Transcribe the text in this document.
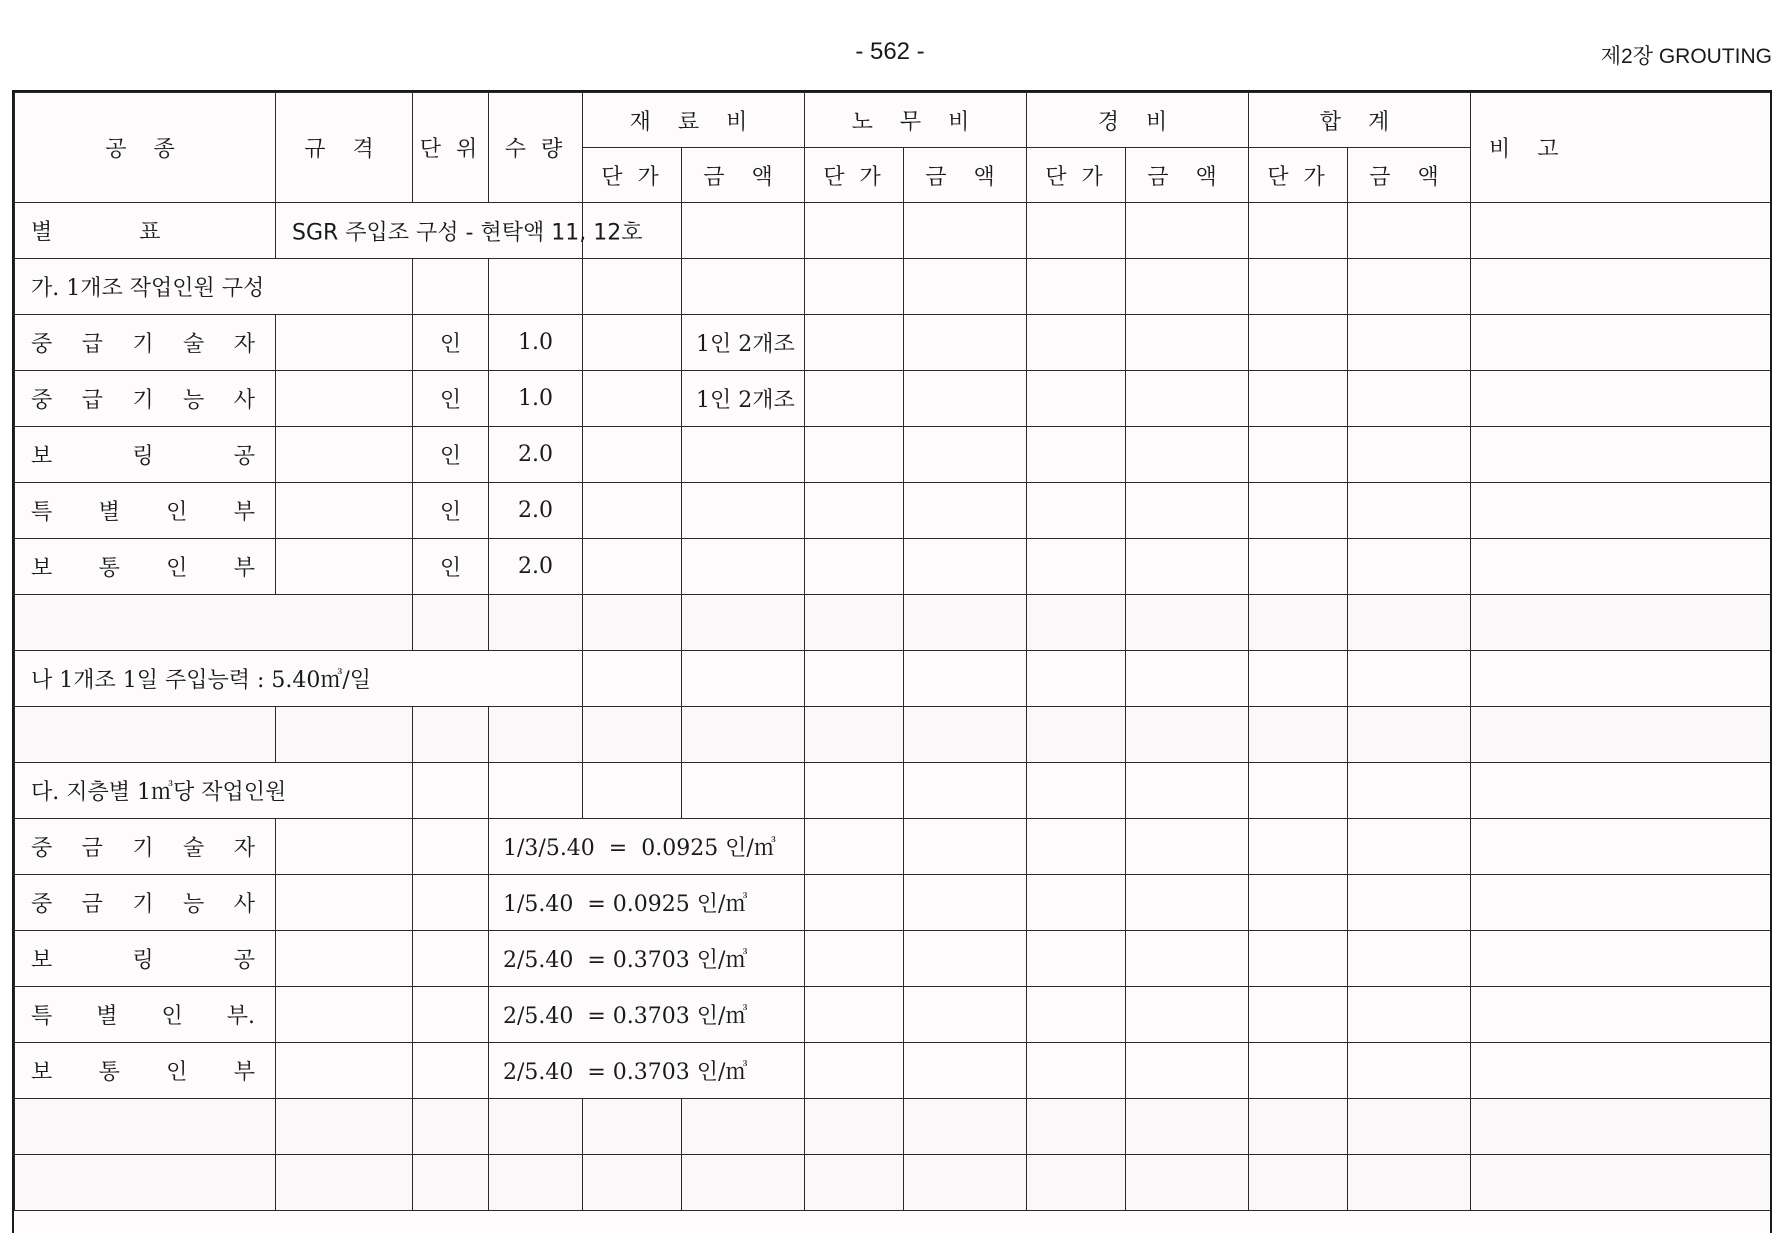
- 562 -	제2장 GROUTING
공 종	규 격	단 위	수 량	재 료 비		노 무 비		경 비		합 계		비 고
				단 가	금 액	단 가	금 액	단 가	금 액	단 가	금 액	
별 표	SGR 주입조 구성 - 현탁액 11, 12호											

가. 1개조 작업인원 구성												

중 급 기 술 자		인	1.0		1인 2개조							

중 급 기 능 사		인	1.0		1인 2개조							

보 링 공		인	2.0									

특 별 인 부		인	2.0									

보 통 인 부		인	2.0									

나 1개조 1일 주입능력 : 5.40㎥/일												

다. 지층별 1㎥당 작업인원												

중 금 기 술 자			1/3/5.40  =  0.0925 인/㎥									

중 금 기 능 사			1/5.40  = 0.0925 인/㎥									

보 링 공			2/5.40  = 0.3703 인/㎥									

특 별 인 부.			2/5.40  = 0.3703 인/㎥									

보 통 인 부			2/5.40  = 0.3703 인/㎥									
